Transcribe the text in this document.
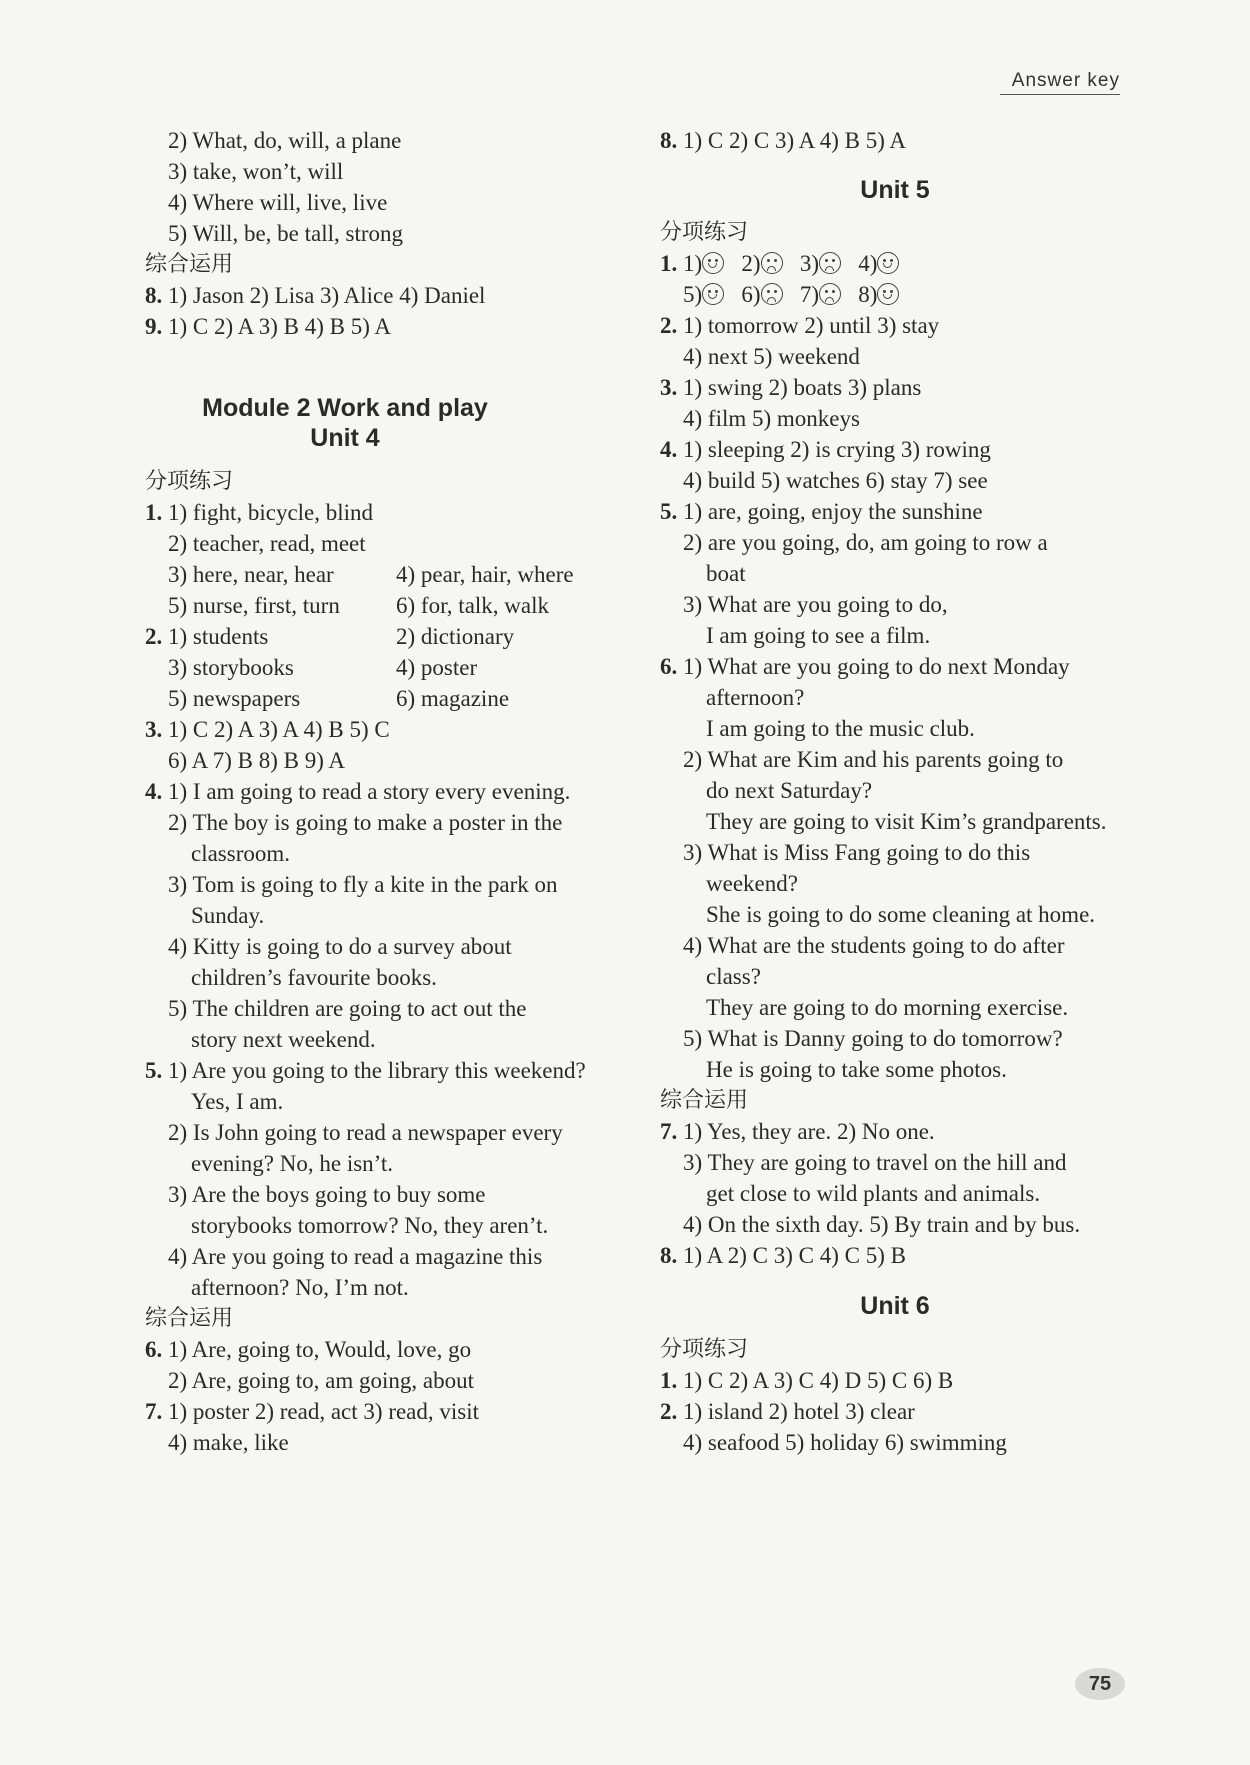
Answer key
2) What, do, will, a plane
3) take, won’t, will
4) Where will, live, live
5) Will, be, be tall, strong
综合运用
8. 1) Jason 2) Lisa 3) Alice 4) Daniel
9. 1) C 2) A 3) B 4) B 5) A
Module 2 Work and play
Unit 4
分项练习
1. 1) fight, bicycle, blind
2) teacher, read, meet
3) here, near, hear	4) pear, hair, where
5) nurse, first, turn 6) for, talk, walk
2. 1) students	2) dictionary
3) storybooks	4) poster
5) newspapers	6) magazine
3. 1) C 2) A 3) A 4) B 5) C
6) A 7) B 8) B 9) A
4. 1) I am going to read a story every evening.
2) The boy is going to make a poster in the
classroom.
3) Tom is going to fly a kite in the park on
Sunday.
4) Kitty is going to do a survey about
children’s favourite books.
5) The children are going to act out the
story next weekend.
5. 1) Are you going to the library this weekend?
Yes, I am.
2) Is John going to read a newspaper every
evening? No, he isn’t.
3) Are the boys going to buy some
storybooks tomorrow? No, they aren’t.
4) Are you going to read a magazine this
afternoon? No, I’m not.
综合运用
6. 1) Are, going to, Would, love, go
2) Are, going to, am going, about
7. 1) poster 2) read, act 3) read, visit
4) make, like
8. 1) C 2) C 3) A 4) B 5) A
Unit 5
分项练习
1. 1) 2) 3) 4)
5) 6) 7) 8)
2. 1) tomorrow 2) until 3) stay
4) next 5) weekend
3. 1) swing 2) boats 3) plans
4) film 5) monkeys
4. 1) sleeping 2) is crying 3) rowing
4) build 5) watches 6) stay 7) see
5. 1) are, going, enjoy the sunshine
2) are you going, do, am going to row a
boat
3) What are you going to do,
I am going to see a film.
6. 1) What are you going to do next Monday
afternoon?
I am going to the music club.
2) What are Kim and his parents going to
do next Saturday?
They are going to visit Kim’s grandparents.
3) What is Miss Fang going to do this
weekend?
She is going to do some cleaning at home.
4) What are the students going to do after
class?
They are going to do morning exercise.
5) What is Danny going to do tomorrow?
He is going to take some photos.
综合运用
7. 1) Yes, they are. 2) No one.
3) They are going to travel on the hill and
get close to wild plants and animals.
4) On the sixth day. 5) By train and by bus.
8. 1) A 2) C 3) C 4) C 5) B
Unit 6
分项练习
1. 1) C 2) A 3) C 4) D 5) C 6) B
2. 1) island 2) hotel 3) clear
4) seafood 5) holiday 6) swimming
75
